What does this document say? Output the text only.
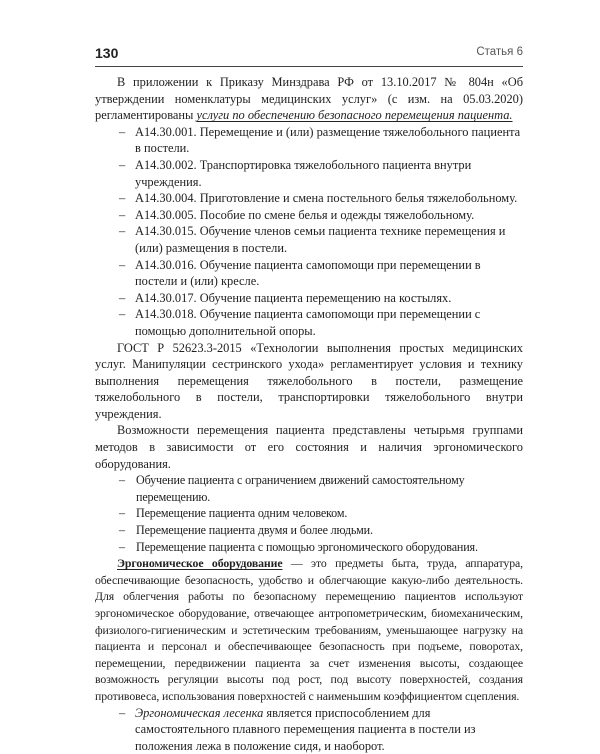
130	Статья 6

В приложении к Приказу Минздрава РФ от 13.10.2017 № 804н «Об утверждении номенклатуры медицинских услуг» (с изм. на 05.03.2020) регламентированы услуги по обеспечению безопасного перемещения пациента.

– А14.30.001. Перемещение и (или) размещение тяжелобольного пациента в постели.
– А14.30.002. Транспортировка тяжелобольного пациента внутри учреждения.
– А14.30.004. Приготовление и смена постельного белья тяжелобольному.
– А14.30.005. Пособие по смене белья и одежды тяжелобольному.
– А14.30.015. Обучение членов семьи пациента технике перемещения и (или) размещения в постели.
– А14.30.016. Обучение пациента самопомощи при перемещении в постели и (или) кресле.
– А14.30.017. Обучение пациента перемещению на костылях.
– А14.30.018. Обучение пациента самопомощи при перемещении с помощью дополнительной опоры.

ГОСТ Р 52623.3-2015 «Технологии выполнения простых медицинских услуг. Манипуляции сестринского ухода» регламентирует условия и технику выполнения перемещения тяжелобольного в постели, размещение тяжелобольного в постели, транспортировки тяжелобольного внутри учреждения.

Возможности перемещения пациента представлены четырьмя группами методов в зависимости от его состояния и наличия эргономического оборудования.

– Обучение пациента с ограничением движений самостоятельному перемещению.
– Перемещение пациента одним человеком.
– Перемещение пациента двумя и более людьми.
– Перемещение пациента с помощью эргономического оборудования.

Эргономическое оборудование — это предметы быта, труда, аппаратура, обеспечивающие безопасность, удобство и облегчающие какую-либо деятельность. Для облегчения работы по безопасному перемещению пациентов используют эргономическое оборудование, отвечающее антропометрическим, биомеханическим, физиолого-гигиеническим и эстетическим требованиям, уменьшающее нагрузку на пациента и персонал и обеспечивающее безопасность при подъеме, поворотах, перемещении, передвижении пациента за счет изменения высоты, создающее возможность регуляции высоты под рост, под высоту поверхностей, создания противовеса, использования поверхностей с наименьшим коэффициентом сцепления.

– Эргономическая лесенка является приспособлением для самостоятельного плавного перемещения пациента в постели из положения лежа в положение сидя, и наоборот.
